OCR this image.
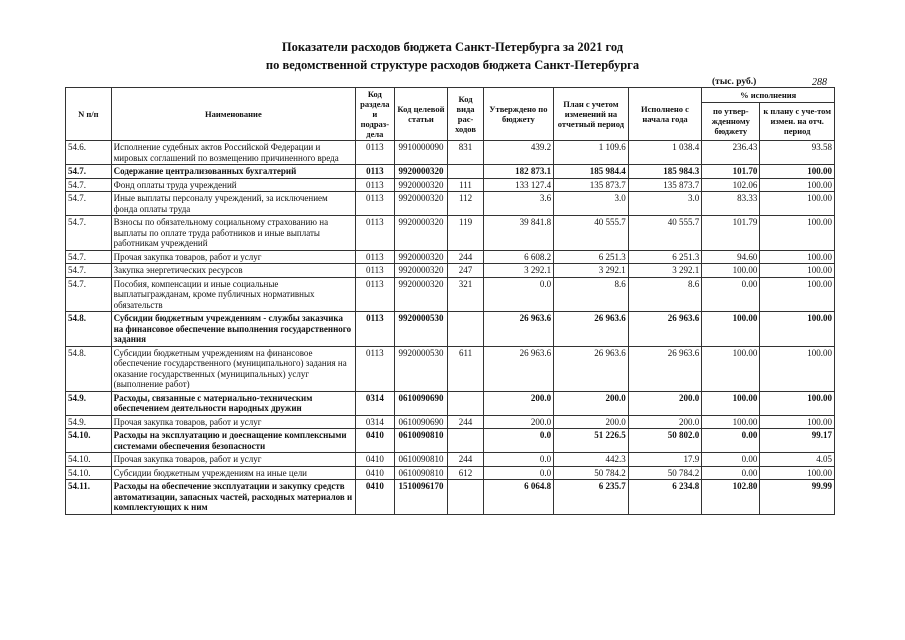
Показатели расходов бюджета Санкт-Петербурга за 2021 год
по ведомственной структуре расходов бюджета Санкт-Петербурга
(тыс. руб.)	288
N п/п	Наименование	Код раздела и подраз-дела	Код целевой статьи	Код вида рас-ходов	Утверждено по бюджету	План с учетом изменений на отчетный период	Исполнено с начала года	% исполнения	
								по утвер-жденному бюджету	к плану с уче-том измен. на отч. период
54.6.	Исполнение судебных актов Российской Федерации и мировых соглашений по возмещению причиненного вреда	0113	9910000090	831	439.2	1 109.6	1 038.4	236.43	93.58
54.7.	Содержание централизованных бухгалтерий	0113	9920000320		182 873.1	185 984.4	185 984.3	101.70	100.00
54.7.	Фонд оплаты труда учреждений	0113	9920000320	111	133 127.4	135 873.7	135 873.7	102.06	100.00
54.7.	Иные выплаты персоналу учреждений, за исключением фонда оплаты труда	0113	9920000320	112	3.6	3.0	3.0	83.33	100.00
54.7.	Взносы по обязательному социальному страхованию на выплаты по оплате труда работников и иные выплаты работникам учреждений	0113	9920000320	119	39 841.8	40 555.7	40 555.7	101.79	100.00
54.7.	Прочая закупка товаров, работ и услуг	0113	9920000320	244	6 608.2	6 251.3	6 251.3	94.60	100.00
54.7.	Закупка энергетических ресурсов	0113	9920000320	247	3 292.1	3 292.1	3 292.1	100.00	100.00
54.7.	Пособия, компенсации и иные социальные выплатыгражданам, кроме публичных нормативных обязательств	0113	9920000320	321	0.0	8.6	8.6	0.00	100.00
54.8.	Субсидии бюджетным учреждениям - службы заказчика на финансовое обеспечение выполнения государственного задания	0113	9920000530		26 963.6	26 963.6	26 963.6	100.00	100.00
54.8.	Субсидии бюджетным учреждениям на финансовое обеспечение государственного (муниципального) задания на оказание государственных (муниципальных) услуг (выполнение работ)	0113	9920000530	611	26 963.6	26 963.6	26 963.6	100.00	100.00
54.9.	Расходы, связанные с материально-техническим обеспечением деятельности народных дружин	0314	0610090690		200.0	200.0	200.0	100.00	100.00
54.9.	Прочая закупка товаров, работ и услуг	0314	0610090690	244	200.0	200.0	200.0	100.00	100.00
54.10.	Расходы на эксплуатацию и доеснащение комплексными системами обеспечения безопасности	0410	0610090810		0.0	51 226.5	50 802.0	0.00	99.17
54.10.	Прочая закупка товаров, работ и услуг	0410	0610090810	244	0.0	442.3	17.9	0.00	4.05
54.10.	Субсидии бюджетным учреждениям на иные цели	0410	0610090810	612	0.0	50 784.2	50 784.2	0.00	100.00
54.11.	Расходы на обеспечение эксплуатации и закупку средств автоматизации, запасных частей, расходных материалов и комплектующих к ним	0410	1510096170		6 064.8	6 235.7	6 234.8	102.80	99.99
